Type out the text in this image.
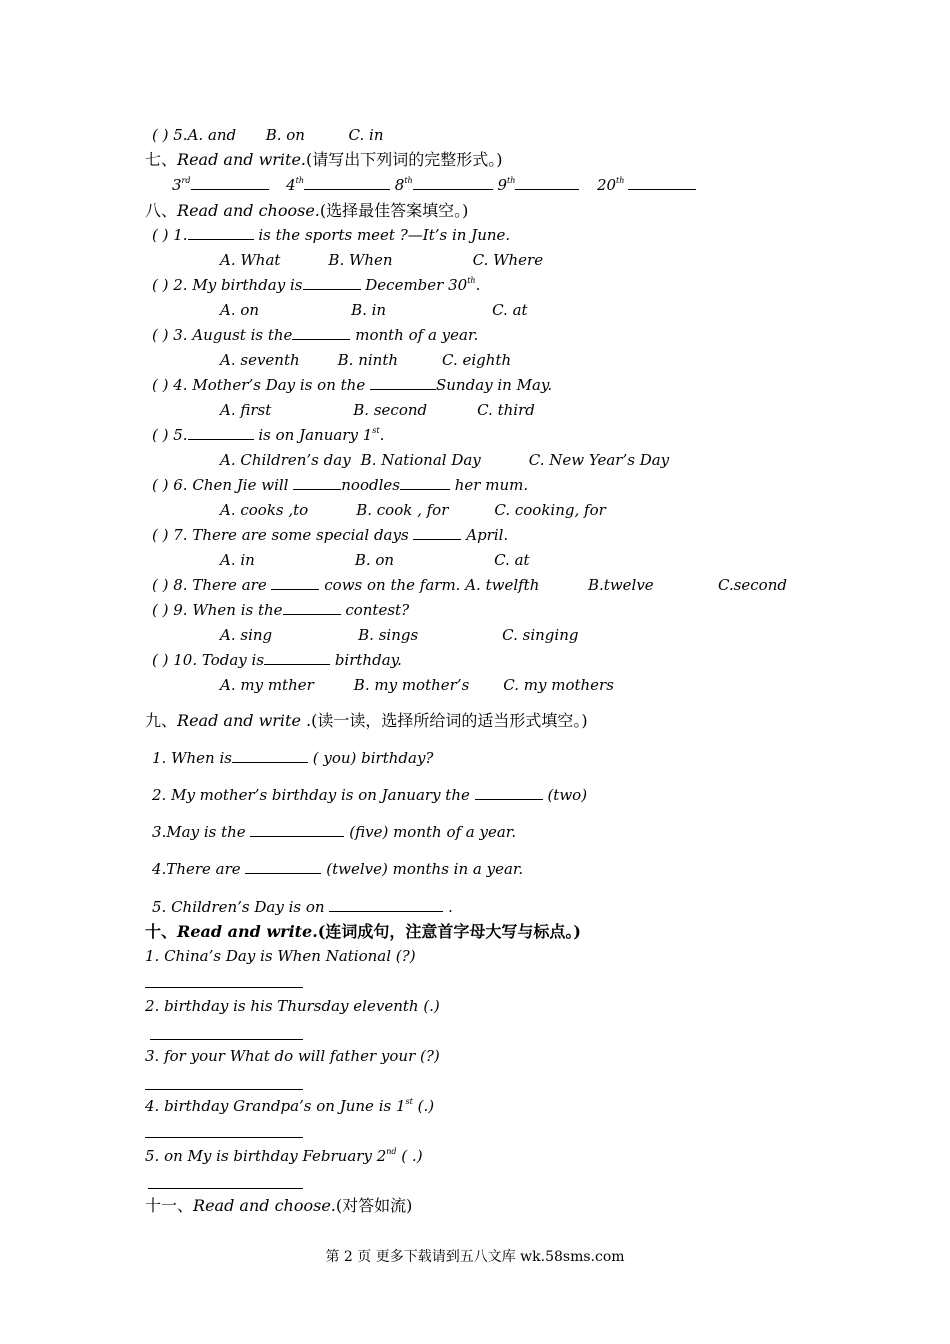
( ) 5.A. and B. on	C. in
七、Read and write.(请写出下列词的完整形式。)
3rd	4th	8th	9th	20th
八、Read and choose.(选择最佳答案填空。)
( ) 1.	is the sports meet ?—It’s in June.
A. What	B. When	C. Where
( ) 2. My birthday is	December 30th.
A. on	B. in	C. at
( ) 3. August is the	month of a year.
A. seventh	B. ninth	C. eighth
( ) 4. Mother’s Day is on the	Sunday in May.
A. first	B. second	C. third
( ) 5.	is on January 1st.
A. Children’s day B. National Day	C. New Year’s Day
( ) 6. Chen Jie will	noodles	her mum.
A. cooks ,to	B. cook , for	C. cooking, for
( ) 7. There are some special days	April.
A. in	B. on	C. at
( ) 8. There are	cows on the farm. A. twelfth	B.twelve	C.second
( ) 9. When is the	contest?
A. sing	B. sings	C. singing
( ) 10. Today is	birthday.
A. my mther	B. my mother’s C. my mothers
九、Read and write .(读一读，选择所给词的适当形式填空。)
1. When is	( you) birthday?
2. My mother’s birthday is on January the	(two)
3.May is the	(five) month of a year.
4.There are	(twelve) months in a year.
5. Children’s Day is on	.
十、Read and write.(连词成句，注意首字母大写与标点。)
1. China’s Day is When National (?)
2. birthday is his Thursday eleventh (.)
3. for your What do will father your (?)
4. birthday Grandpa’s on June is 1st (.)
5. on My is birthday February 2nd ( .)
十一、Read and choose.(对答如流)
第 2 页 更多下载请到五八文库 wk.58sms.com
